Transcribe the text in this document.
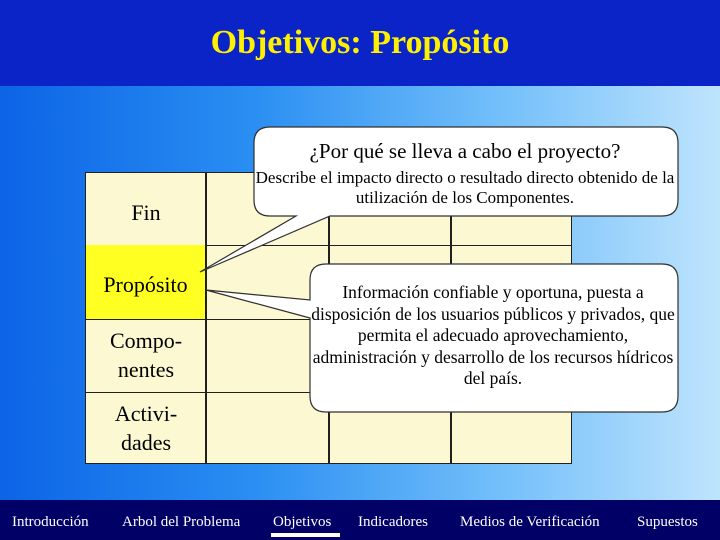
Objetivos: Propósito
Fin
Propósito
Compo-
nentes
Activi-
dades
¿Por qué se lleva a cabo el proyecto?
Describe el impacto directo o resultado directo obtenido de la utilización de los Componentes.
Información confiable y oportuna, puesta a disposición de los usuarios públicos y privados, que permita el adecuado aprovechamiento, administración y desarrollo de los recursos hídricos del país.
Introducción Arbol del Problema Objetivos Indicadores Medios de Verificación Supuestos
